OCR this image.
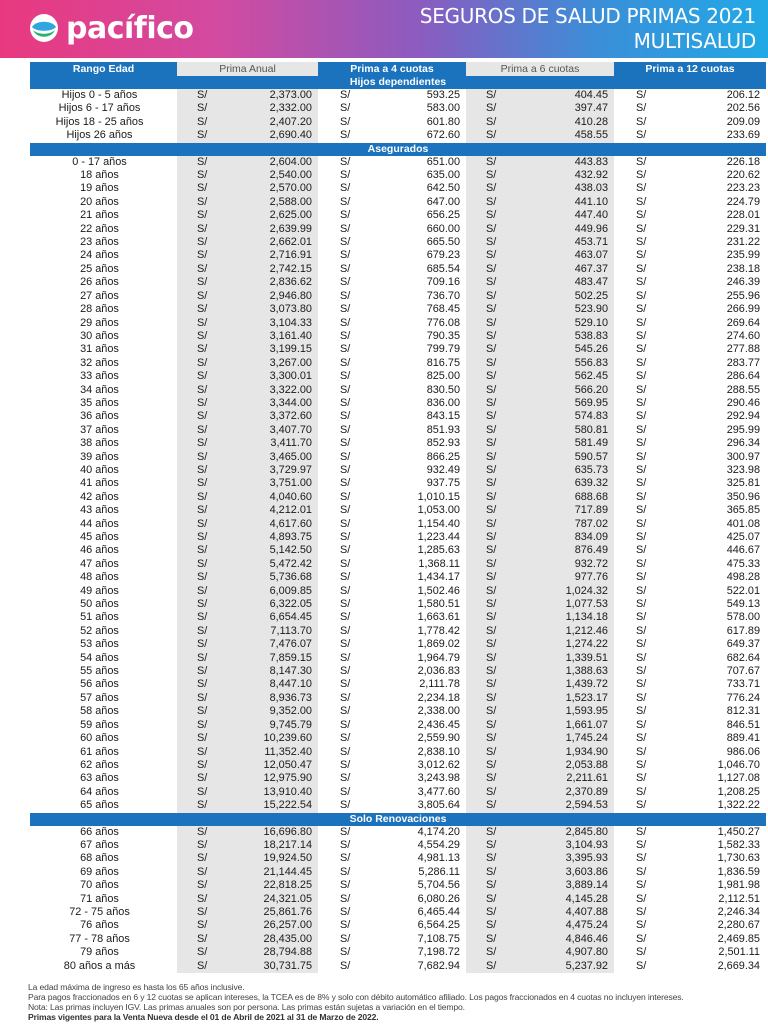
pacífico	SEGUROS DE SALUD PRIMAS 2021
MULTISALUD
Rango Edad	Prima Anual	Prima a 4 cuotas	Prima a 6 cuotas	Prima a 12 cuotas
Hijos dependientes				
Hijos 0 - 5 años	S/ 2,373.00	S/ 593.25	S/ 404.45	S/ 206.12

Hijos 6 - 17 años	S/ 2,332.00	S/ 583.00	S/ 397.47	S/ 202.56

Hijos 18 - 25 años	S/ 2,407.20	S/ 601.80	S/ 410.28	S/ 209.09

Hijos 26 años	S/ 2,690.40	S/ 672.60	S/ 458.55	S/ 233.69

Asegurados				
0 - 17 años	S/ 2,604.00	S/ 651.00	S/ 443.83	S/ 226.18

18 años	S/ 2,540.00	S/ 635.00	S/ 432.92	S/ 220.62

19 años	S/ 2,570.00	S/ 642.50	S/ 438.03	S/ 223.23

20 años	S/ 2,588.00	S/ 647.00	S/ 441.10	S/ 224.79

21 años	S/ 2,625.00	S/ 656.25	S/ 447.40	S/ 228.01

22 años	S/ 2,639.99	S/ 660.00	S/ 449.96	S/ 229.31

23 años	S/ 2,662.01	S/ 665.50	S/ 453.71	S/ 231.22

24 años	S/ 2,716.91	S/ 679.23	S/ 463.07	S/ 235.99

25 años	S/ 2,742.15	S/ 685.54	S/ 467.37	S/ 238.18

26 años	S/ 2,836.62	S/ 709.16	S/ 483.47	S/ 246.39

27 años	S/ 2,946.80	S/ 736.70	S/ 502.25	S/ 255.96

28 años	S/ 3,073.80	S/ 768.45	S/ 523.90	S/ 266.99

29 años	S/ 3,104.33	S/ 776.08	S/ 529.10	S/ 269.64

30 años	S/ 3,161.40	S/ 790.35	S/ 538.83	S/ 274.60

31 años	S/ 3,199.15	S/ 799.79	S/ 545.26	S/ 277.88

32 años	S/ 3,267.00	S/ 816.75	S/ 556.83	S/ 283.77

33 años	S/ 3,300.01	S/ 825.00	S/ 562.45	S/ 286.64

34 años	S/ 3,322.00	S/ 830.50	S/ 566.20	S/ 288.55

35 años	S/ 3,344.00	S/ 836.00	S/ 569.95	S/ 290.46

36 años	S/ 3,372.60	S/ 843.15	S/ 574.83	S/ 292.94

37 años	S/ 3,407.70	S/ 851.93	S/ 580.81	S/ 295.99

38 años	S/ 3,411.70	S/ 852.93	S/ 581.49	S/ 296.34

39 años	S/ 3,465.00	S/ 866.25	S/ 590.57	S/ 300.97

40 años	S/ 3,729.97	S/ 932.49	S/ 635.73	S/ 323.98

41 años	S/ 3,751.00	S/ 937.75	S/ 639.32	S/ 325.81

42 años	S/ 4,040.60	S/ 1,010.15	S/ 688.68	S/ 350.96

43 años	S/ 4,212.01	S/ 1,053.00	S/ 717.89	S/ 365.85

44 años	S/ 4,617.60	S/ 1,154.40	S/ 787.02	S/ 401.08

45 años	S/ 4,893.75	S/ 1,223.44	S/ 834.09	S/ 425.07

46 años	S/ 5,142.50	S/ 1,285.63	S/ 876.49	S/ 446.67

47 años	S/ 5,472.42	S/ 1,368.11	S/ 932.72	S/ 475.33

48 años	S/ 5,736.68	S/ 1,434.17	S/ 977.76	S/ 498.28

49 años	S/ 6,009.85	S/ 1,502.46	S/ 1,024.32	S/ 522.01

50 años	S/ 6,322.05	S/ 1,580.51	S/ 1,077.53	S/ 549.13

51 años	S/ 6,654.45	S/ 1,663.61	S/ 1,134.18	S/ 578.00

52 años	S/ 7,113.70	S/ 1,778.42	S/ 1,212.46	S/ 617.89

53 años	S/ 7,476.07	S/ 1,869.02	S/ 1,274.22	S/ 649.37

54 años	S/ 7,859.15	S/ 1,964.79	S/ 1,339.51	S/ 682.64

55 años	S/ 8,147.30	S/ 2,036.83	S/ 1,388.63	S/ 707.67

56 años	S/ 8,447.10	S/ 2,111.78	S/ 1,439.72	S/ 733.71

57 años	S/ 8,936.73	S/ 2,234.18	S/ 1,523.17	S/ 776.24

58 años	S/ 9,352.00	S/ 2,338.00	S/ 1,593.95	S/ 812.31

59 años	S/ 9,745.79	S/ 2,436.45	S/ 1,661.07	S/ 846.51

60 años	S/ 10,239.60	S/ 2,559.90	S/ 1,745.24	S/ 889.41

61 años	S/ 11,352.40	S/ 2,838.10	S/ 1,934.90	S/ 986.06

62 años	S/ 12,050.47	S/ 3,012.62	S/ 2,053.88	S/ 1,046.70

63 años	S/ 12,975.90	S/ 3,243.98	S/ 2,211.61	S/ 1,127.08

64 años	S/ 13,910.40	S/ 3,477.60	S/ 2,370.89	S/ 1,208.25

65 años	S/ 15,222.54	S/ 3,805.64	S/ 2,594.53	S/ 1,322.22

Solo Renovaciones				
66 años	S/ 16,696.80	S/ 4,174.20	S/ 2,845.80	S/ 1,450.27

67 años	S/ 18,217.14	S/ 4,554.29	S/ 3,104.93	S/ 1,582.33

68 años	S/ 19,924.50	S/ 4,981.13	S/ 3,395.93	S/ 1,730.63

69 años	S/ 21,144.45	S/ 5,286.11	S/ 3,603.86	S/ 1,836.59

70 años	S/ 22,818.25	S/ 5,704.56	S/ 3,889.14	S/ 1,981.98

71 años	S/ 24,321.05	S/ 6,080.26	S/ 4,145.28	S/ 2,112.51

72 - 75 años	S/ 25,861.76	S/ 6,465.44	S/ 4,407.88	S/ 2,246.34

76 años	S/ 26,257.00	S/ 6,564.25	S/ 4,475.24	S/ 2,280.67

77 - 78 años	S/ 28,435.00	S/ 7,108.75	S/ 4,846.46	S/ 2,469.85

79 años	S/ 28,794.88	S/ 7,198.72	S/ 4,907.80	S/ 2,501.11

80 años a más	S/ 30,731.75	S/ 7,682.94	S/ 5,237.92	S/ 2,669.34
La edad máxima de ingreso es hasta los 65 años inclusive.
Para pagos fraccionados en 6 y 12 cuotas se aplican intereses, la TCEA es de 8% y solo con débito automático afiliado. Los pagos fraccionados en 4 cuotas no incluyen intereses.
Nota: Las primas incluyen IGV. Las primas anuales son por persona. Las primas están sujetas a variación en el tiempo.
Primas vigentes para la Venta Nueva desde el 01 de Abril de 2021 al 31 de Marzo de 2022.
